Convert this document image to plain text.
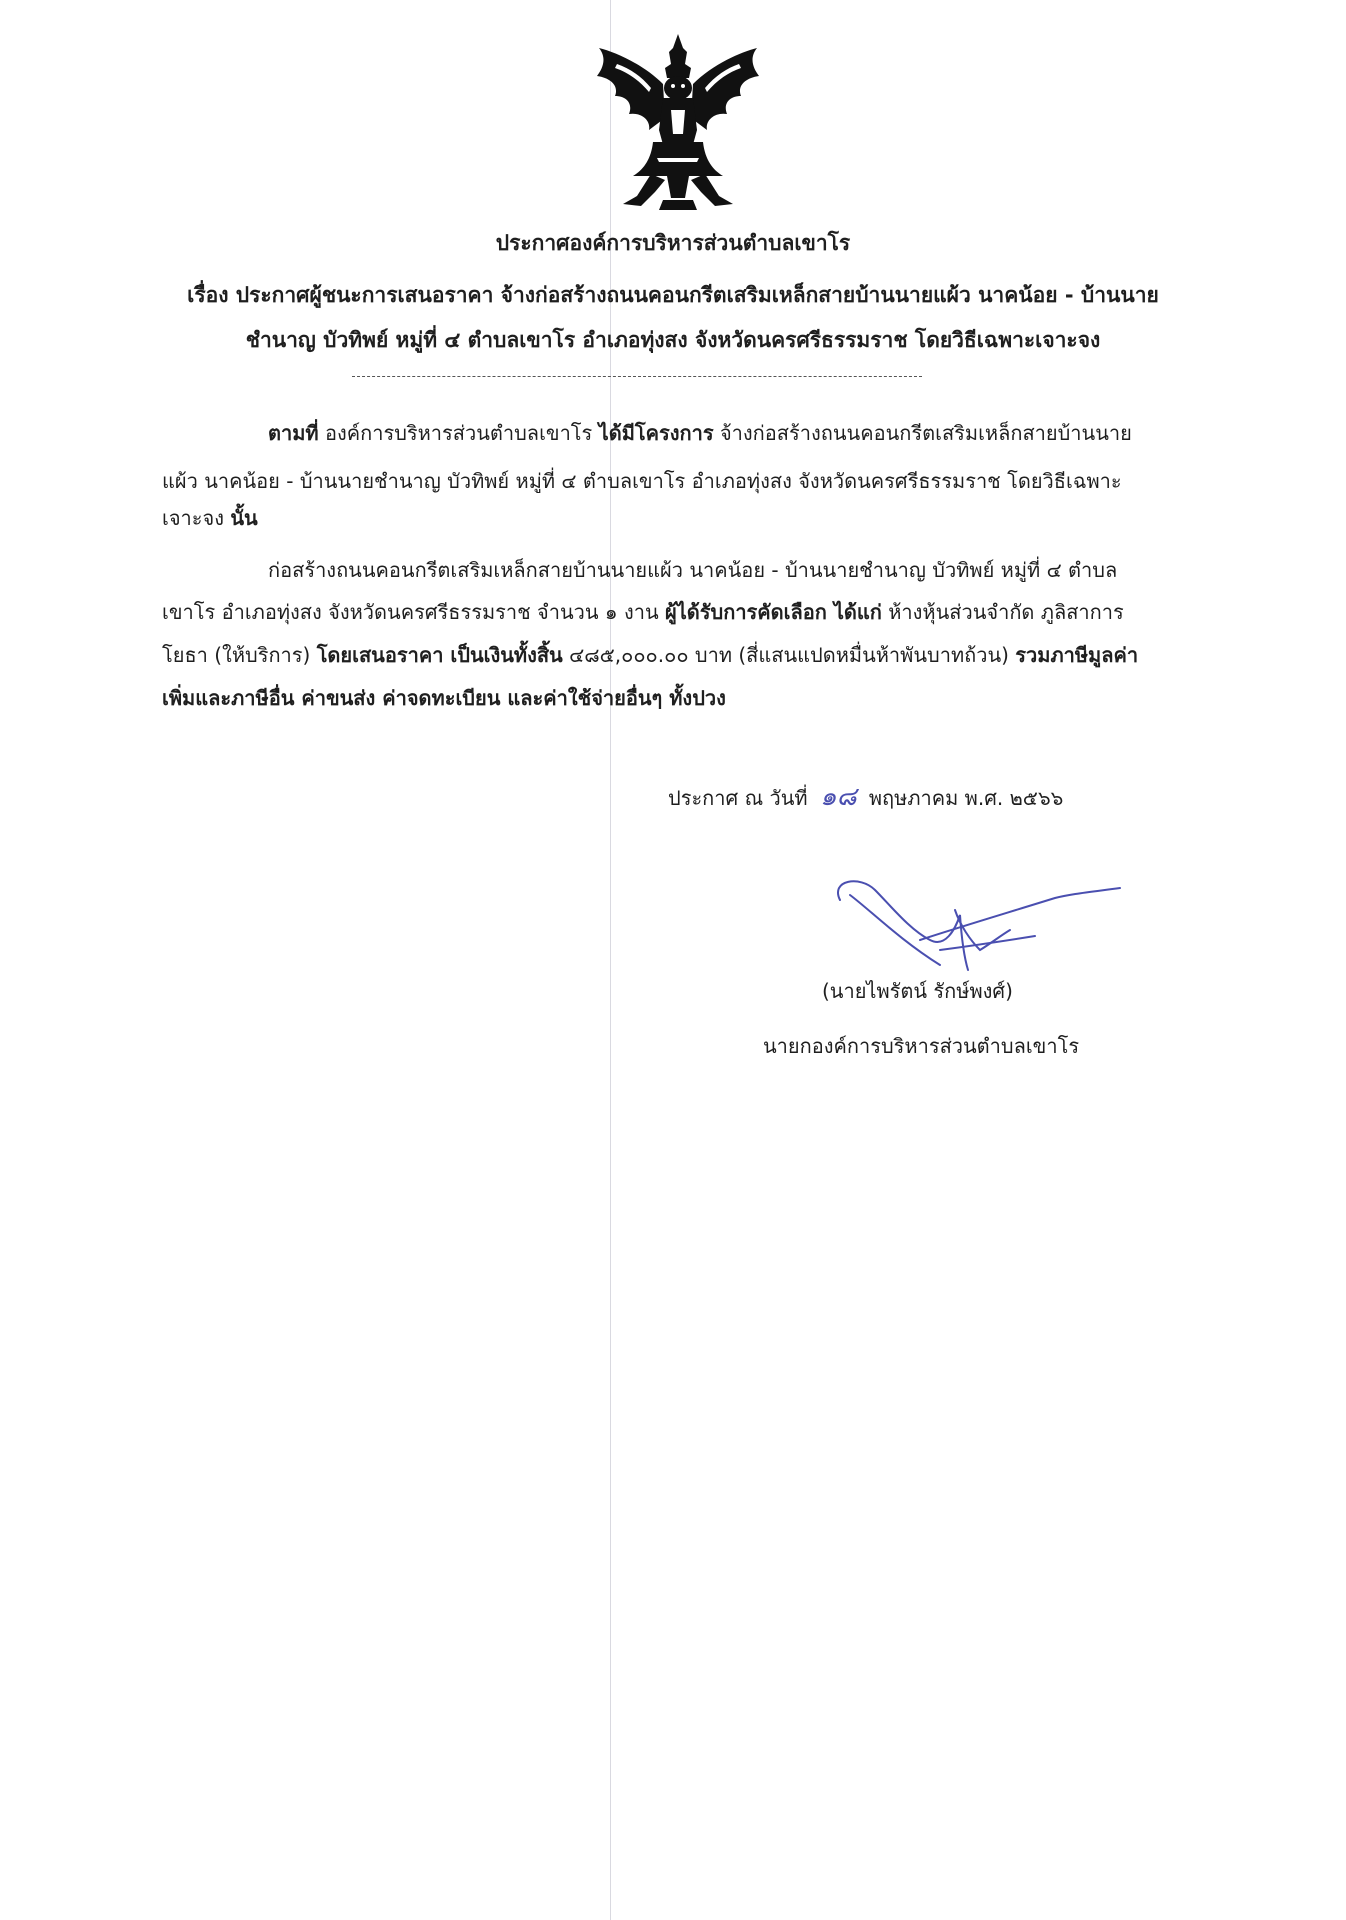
ประกาศองค์การบริหารส่วนตำบลเขาโร
เรื่อง ประกาศผู้ชนะการเสนอราคา จ้างก่อสร้างถนนคอนกรีตเสริมเหล็กสายบ้านนายแผ้ว นาคน้อย - บ้านนาย
ชำนาญ บัวทิพย์ หมู่ที่ ๔ ตำบลเขาโร อำเภอทุ่งสง จังหวัดนครศรีธรรมราช โดยวิธีเฉพาะเจาะจง
ตามที่ องค์การบริหารส่วนตำบลเขาโร ได้มีโครงการ จ้างก่อสร้างถนนคอนกรีตเสริมเหล็กสายบ้านนาย
แผ้ว นาคน้อย - บ้านนายชำนาญ บัวทิพย์ หมู่ที่ ๔ ตำบลเขาโร อำเภอทุ่งสง จังหวัดนครศรีธรรมราช โดยวิธีเฉพาะ
เจาะจง นั้น
ก่อสร้างถนนคอนกรีตเสริมเหล็กสายบ้านนายแผ้ว นาคน้อย - บ้านนายชำนาญ บัวทิพย์ หมู่ที่ ๔ ตำบล
เขาโร อำเภอทุ่งสง จังหวัดนครศรีธรรมราช จำนวน ๑ งาน ผู้ได้รับการคัดเลือก ได้แก่ ห้างหุ้นส่วนจำกัด ภูลิสาการ
โยธา (ให้บริการ) โดยเสนอราคา เป็นเงินทั้งสิ้น ๔๘๕,๐๐๐.๐๐ บาท (สี่แสนแปดหมื่นห้าพันบาทถ้วน) รวมภาษีมูลค่า
เพิ่มและภาษีอื่น ค่าขนส่ง ค่าจดทะเบียน และค่าใช้จ่ายอื่นๆ ทั้งปวง
ประกาศ ณ วันที่ ๑๘ พฤษภาคม พ.ศ. ๒๕๖๖
(นายไพรัตน์ รักษ์พงศ์)
นายกองค์การบริหารส่วนตำบลเขาโร
